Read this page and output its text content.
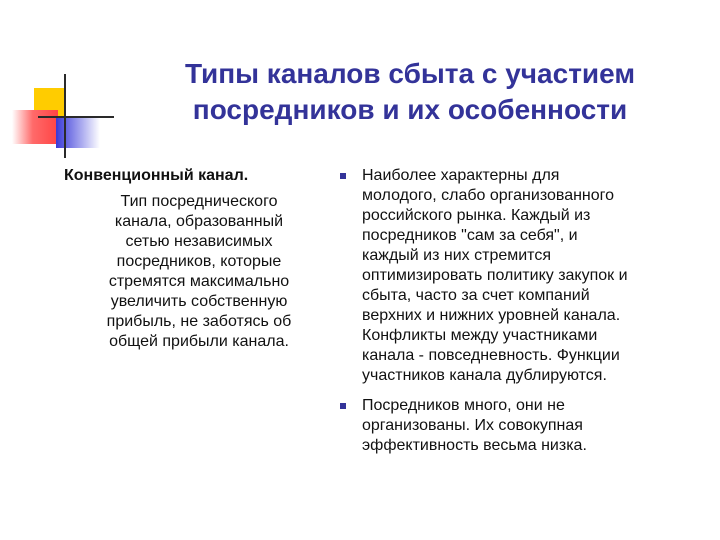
Типы каналов сбыта с участием
посредников и их особенности
Конвенционный канал.
Тип посреднического
канала, образованный
сетью независимых
посредников, которые
стремятся максимально
увеличить собственную
прибыль, не заботясь об
общей прибыли канала.
Наиболее характерны для
молодого, слабо организованного
российского рынка. Каждый из
посредников "сам за себя", и
каждый из них стремится
оптимизировать политику закупок и
сбыта, часто за счет компаний
верхних и нижних уровней канала.
Конфликты между участниками
канала - повседневность. Функции
участников канала дублируются.
Посредников много, они не
организованы. Их совокупная
эффективность весьма низка.
